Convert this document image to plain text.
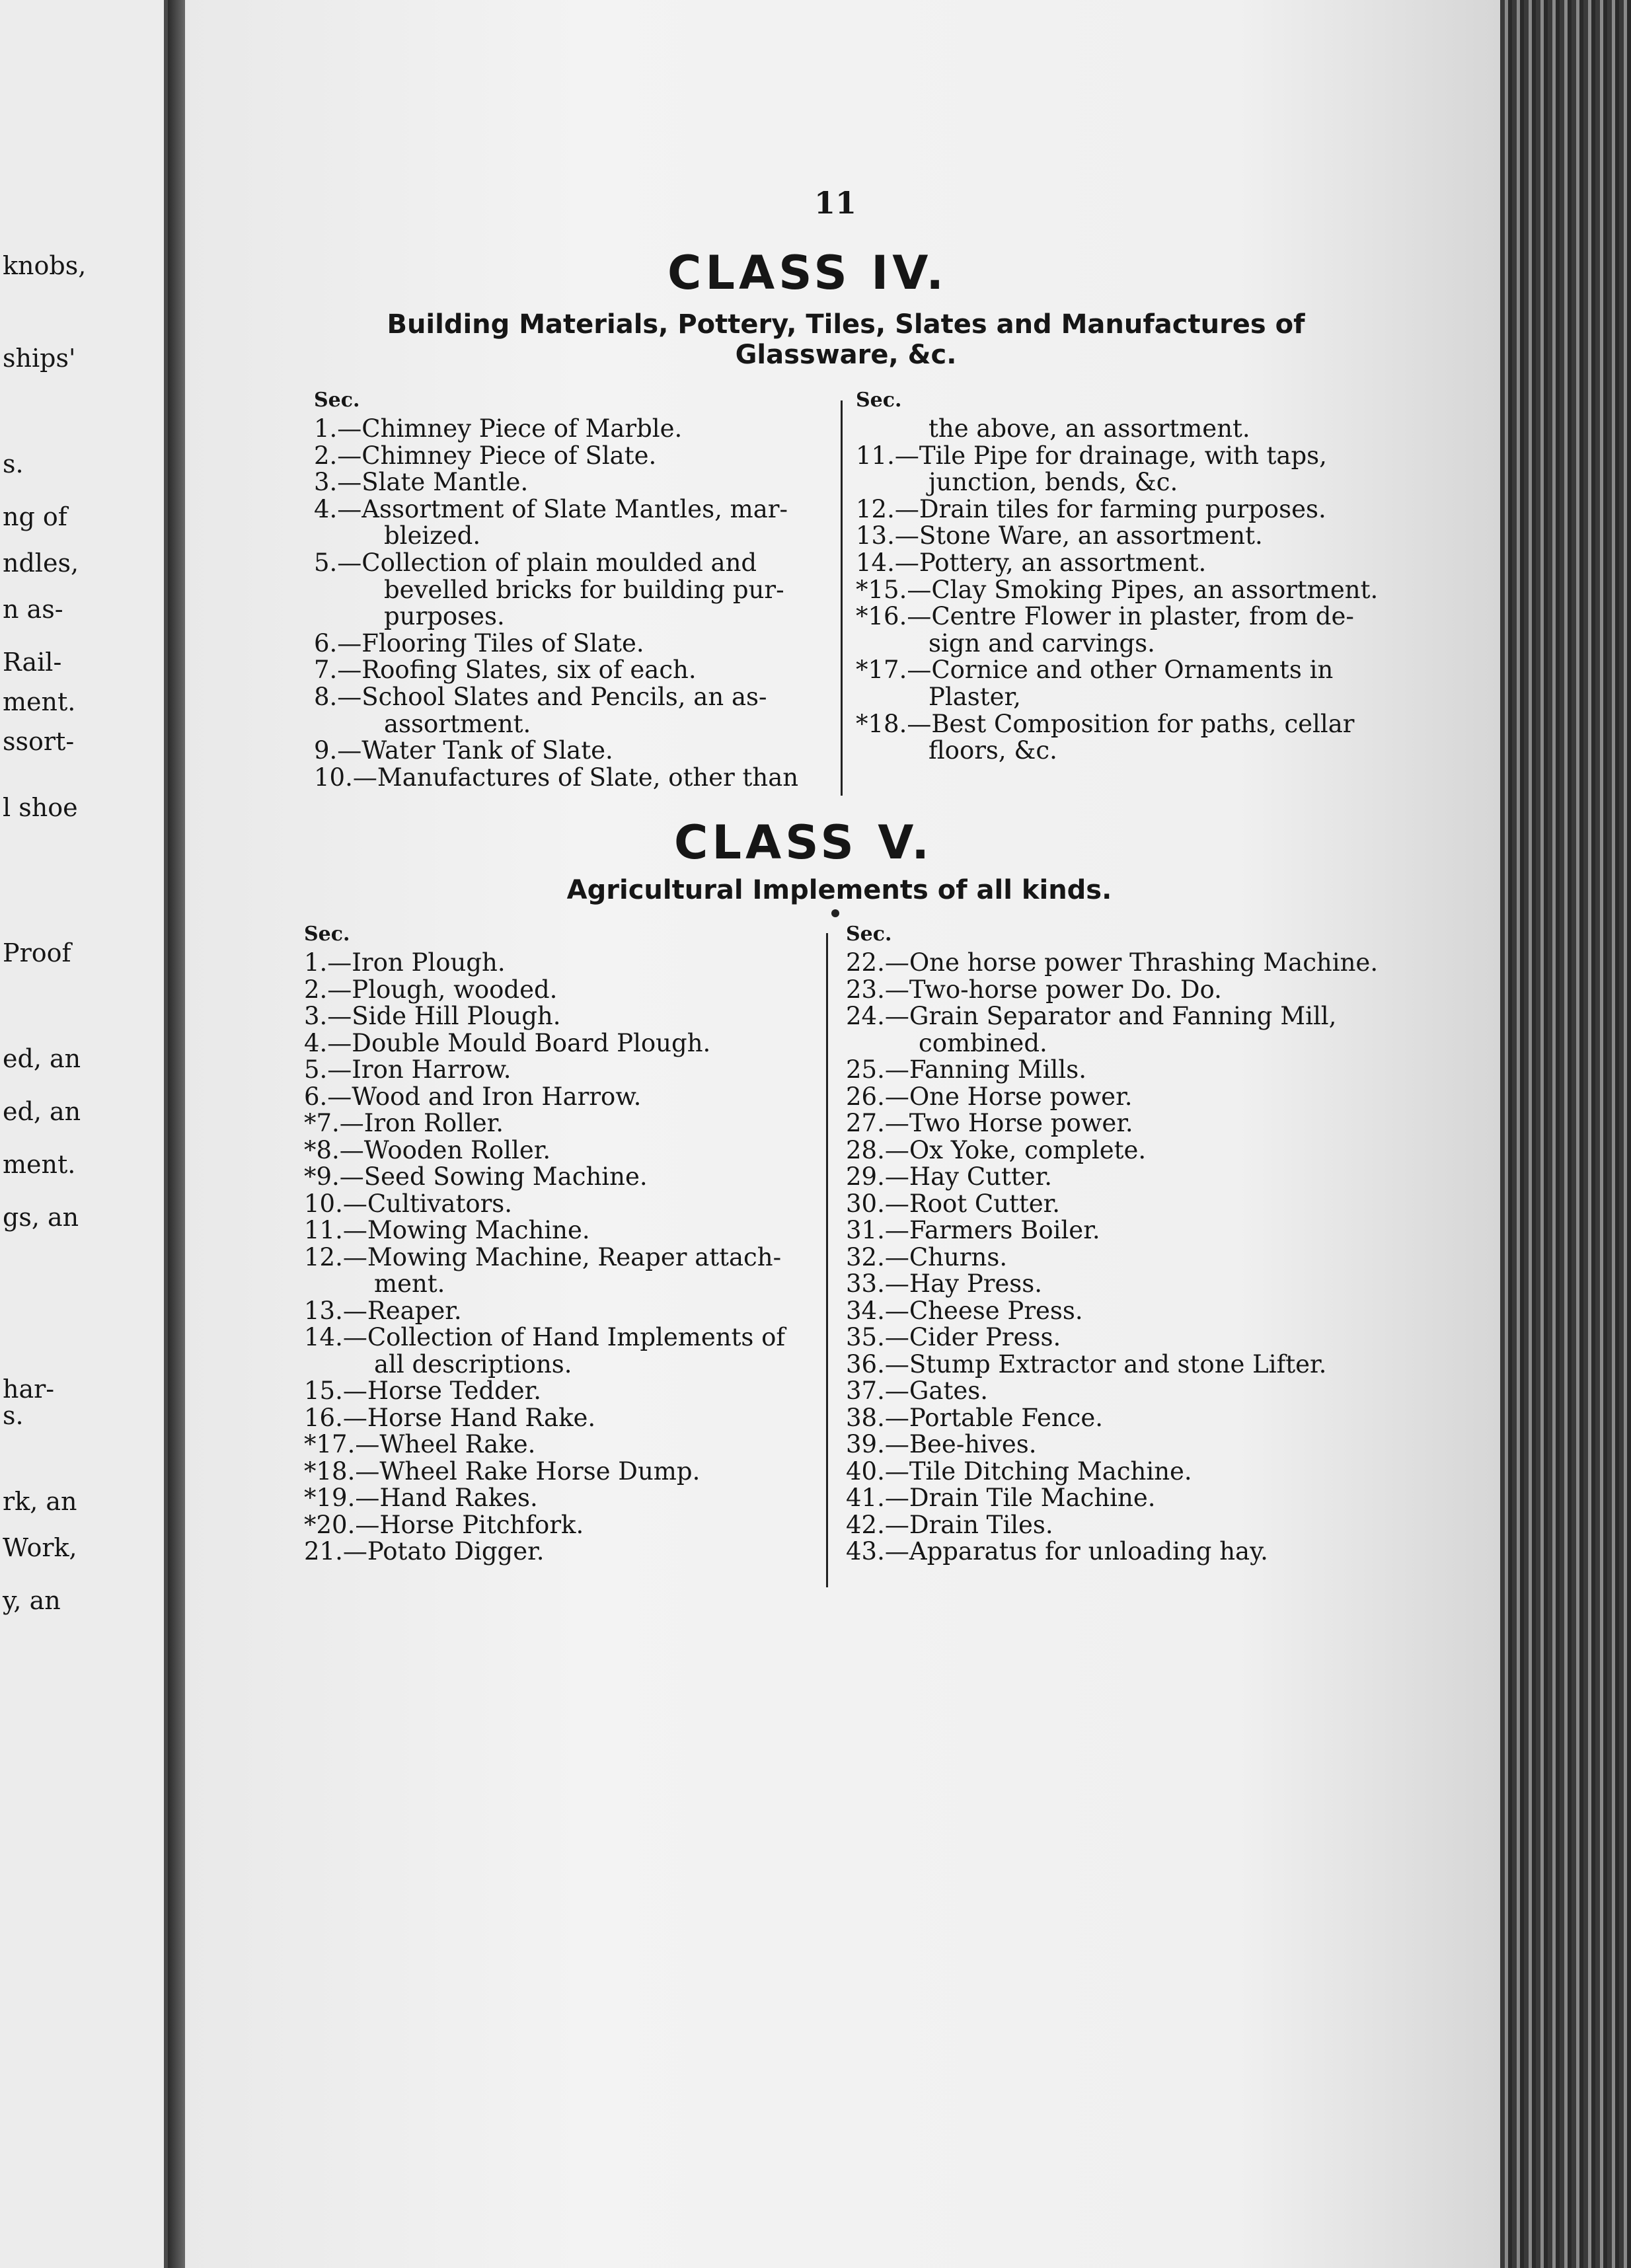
knobs,
ships'
s.
ng of
ndles,
n as-
Rail-
ment.
ssort-
l shoe
Proof
ed, an
ed, an
ment.
gs, an
har-
s.
rk, an
Work,
y, an
11
CLASS IV.
Building Materials, Pottery, Tiles, Slates and Manufactures of Glassware, &c.
Sec.
1.—Chimney Piece of Marble.
2.—Chimney Piece of Slate.
3.—Slate Mantle.
4.—Assortment of Slate Mantles, mar-
bleized.
5.—Collection of plain moulded and
bevelled bricks for building pur-
purposes.
6.—Flooring Tiles of Slate.
7.—Roofing Slates, six of each.
8.—School Slates and Pencils, an as-
assortment.
9.—Water Tank of Slate.
10.—Manufactures of Slate, other than
Sec.
the above, an assortment.
11.—Tile Pipe for drainage, with taps,
junction, bends, &c.
12.—Drain tiles for farming purposes.
13.—Stone Ware, an assortment.
14.—Pottery, an assortment.
*15.—Clay Smoking Pipes, an assortment.
*16.—Centre Flower in plaster, from de-
sign and carvings.
*17.—Cornice and other Ornaments in
Plaster,
*18.—Best Composition for paths, cellar
floors, &c.
CLASS V.
Agricultural Implements of all kinds.
Sec.
1.—Iron Plough.
2.—Plough, wooded.
3.—Side Hill Plough.
4.—Double Mould Board Plough.
5.—Iron Harrow.
6.—Wood and Iron Harrow.
*7.—Iron Roller.
*8.—Wooden Roller.
*9.—Seed Sowing Machine.
10.—Cultivators.
11.—Mowing Machine.
12.—Mowing Machine, Reaper attach-
ment.
13.—Reaper.
14.—Collection of Hand Implements of
all descriptions.
15.—Horse Tedder.
16.—Horse Hand Rake.
*17.—Wheel Rake.
*18.—Wheel Rake Horse Dump.
*19.—Hand Rakes.
*20.—Horse Pitchfork.
21.—Potato Digger.
Sec.
22.—One horse power Thrashing Machine.
23.—Two-horse power Do. Do.
24.—Grain Separator and Fanning Mill,
combined.
25.—Fanning Mills.
26.—One Horse power.
27.—Two Horse power.
28.—Ox Yoke, complete.
29.—Hay Cutter.
30.—Root Cutter.
31.—Farmers Boiler.
32.—Churns.
33.—Hay Press.
34.—Cheese Press.
35.—Cider Press.
36.—Stump Extractor and stone Lifter.
37.—Gates.
38.—Portable Fence.
39.—Bee-hives.
40.—Tile Ditching Machine.
41.—Drain Tile Machine.
42.—Drain Tiles.
43.—Apparatus for unloading hay.
